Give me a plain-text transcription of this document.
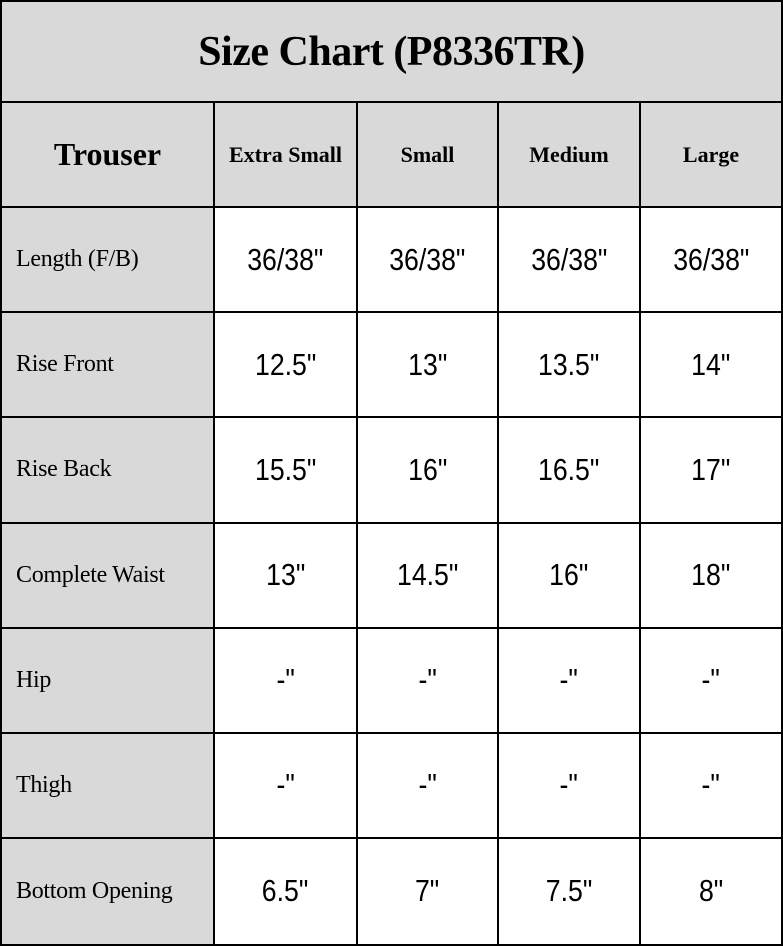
Size Chart (P8336TR)
Trouser	Extra Small	Small	Medium	Large
Length (F/B)	36/38" 36/38" 36/38" 36/38"
Rise Front	12.5"	13"	13.5"	14"
Rise Back	15.5"	16"	16.5"	17"
Complete Waist	13"	14.5"	16"	18"
Hip	-"	-"	-"	-"
Thigh	-"	-"	-"	-"
Bottom Opening	6.5"	7"	7.5"	8"
